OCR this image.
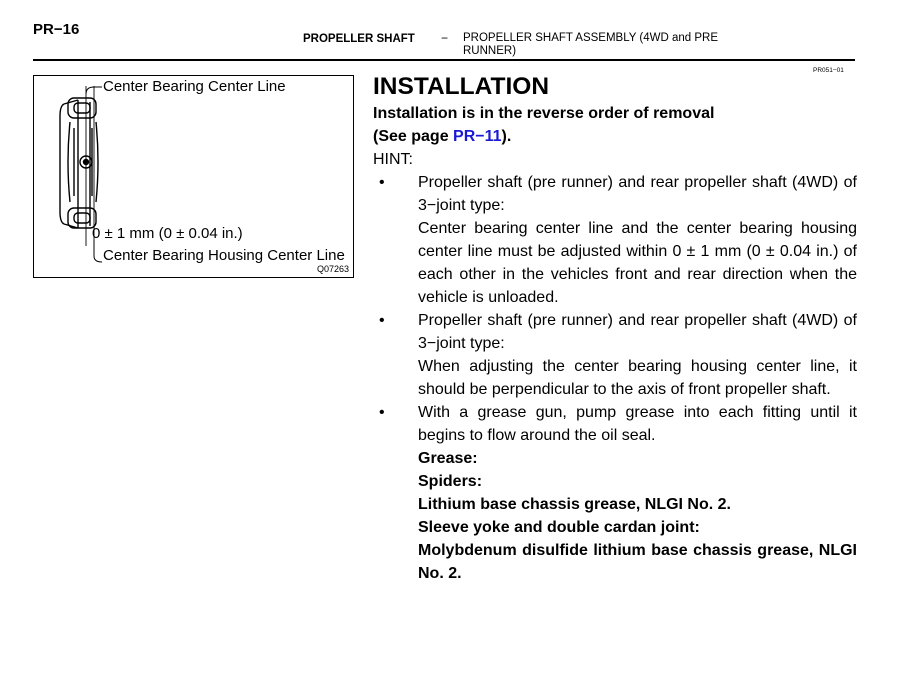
PR−16
PROPELLER SHAFT − PROPELLER SHAFT ASSEMBLY (4WD and PRE RUNNER)
PR051−01
Center Bearing Center Line
0 ± 1 mm (0 ± 0.04 in.)
Center Bearing Housing Center Line
Q07263
INSTALLATION
Installation is in the reverse order of removal
(See page PR−11).
HINT:
• Propeller shaft (pre runner) and rear propeller shaft (4WD) of 3−joint type:
Center bearing center line and the center bearing housing center line must be adjusted within 0 ± 1 mm (0 ± 0.04 in.) of each other in the vehicles front and rear direction when the vehicle is unloaded.
• Propeller shaft (pre runner) and rear propeller shaft (4WD) of 3−joint type:
When adjusting the center bearing housing center line, it should be perpendicular to the axis of front propeller shaft.
• With a grease gun, pump grease into each fitting until it begins to flow around the oil seal.
Grease:
Spiders:
Lithium base chassis grease, NLGI No. 2.
Sleeve yoke and double cardan joint:
Molybdenum disulfide lithium base chassis grease, NLGI No. 2.
